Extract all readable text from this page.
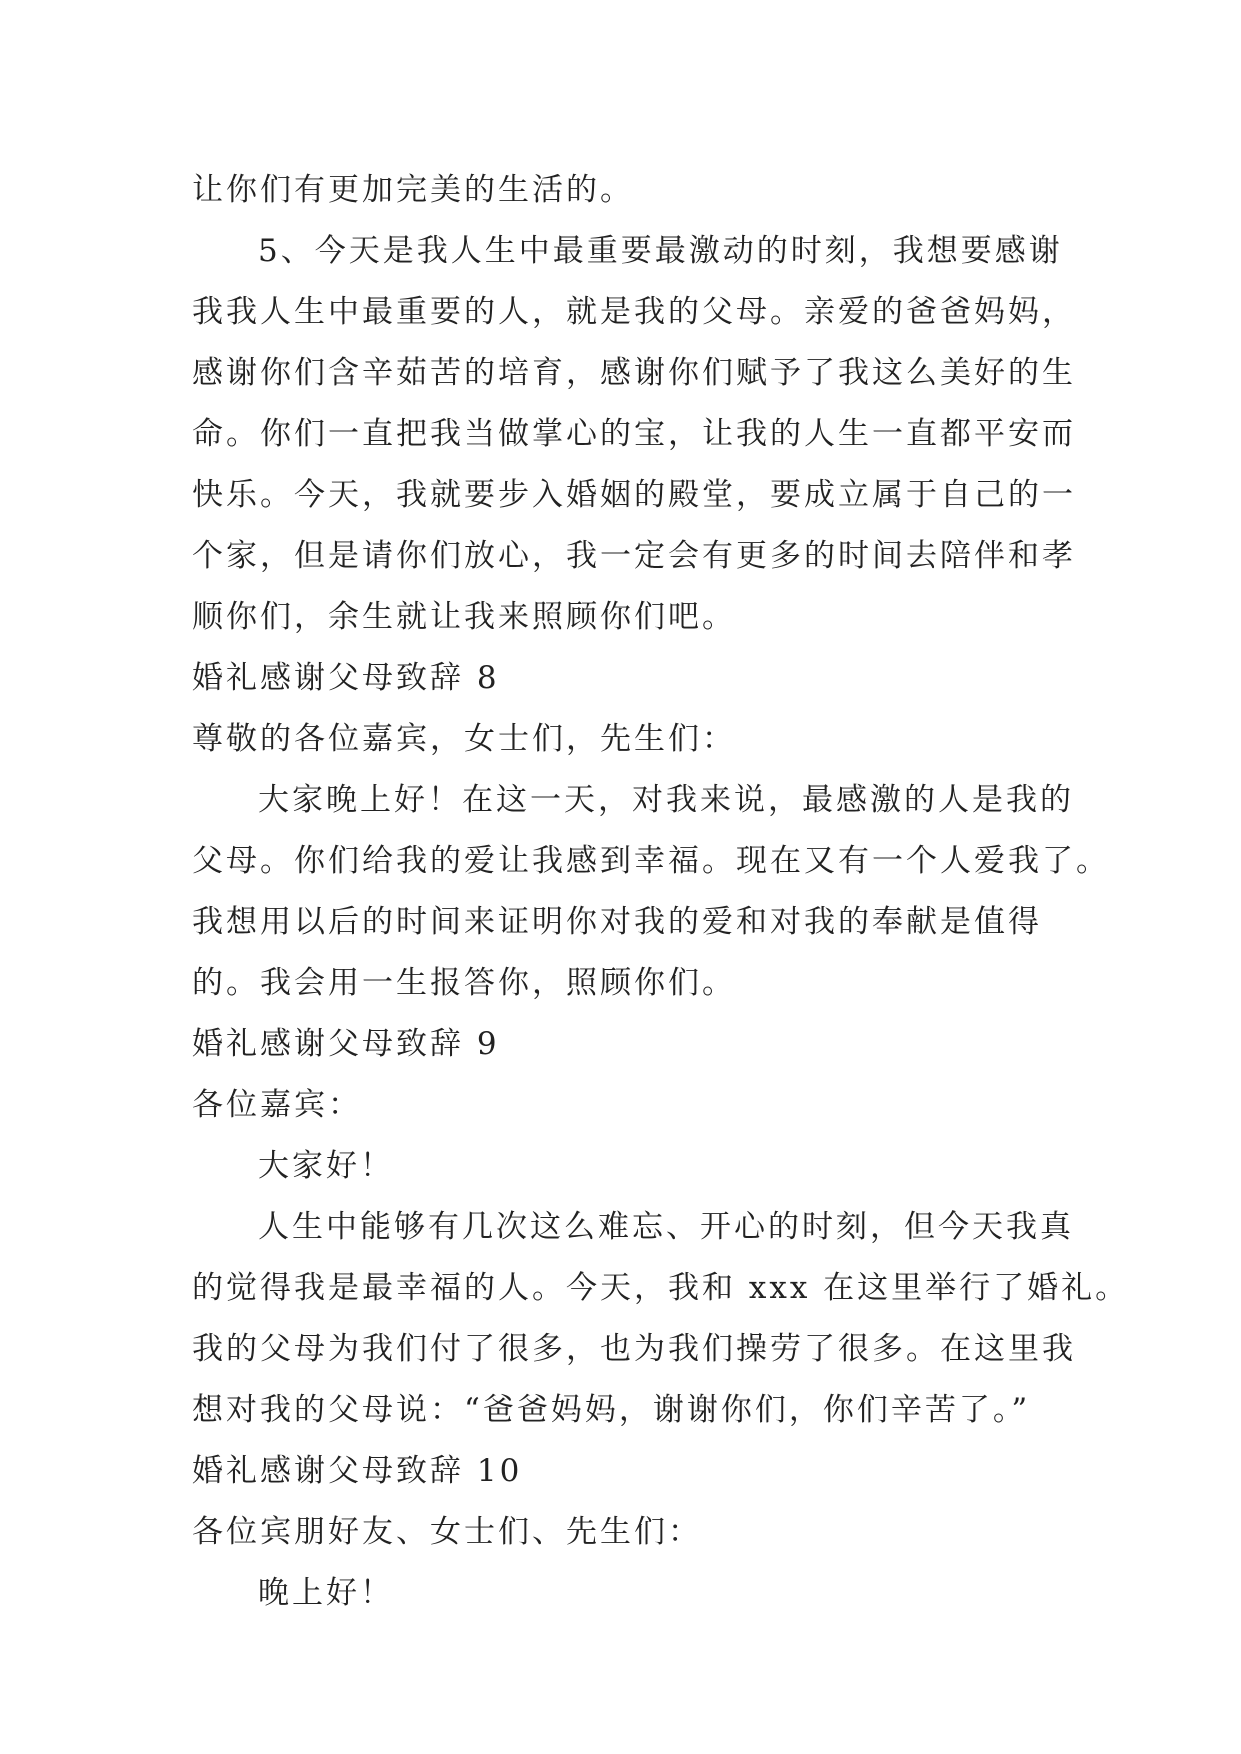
让你们有更加完美的生活的。
5、今天是我人生中最重要最激动的时刻，我想要感谢
我我人生中最重要的人，就是我的父母。亲爱的爸爸妈妈，
感谢你们含辛茹苦的培育，感谢你们赋予了我这么美好的生
命。你们一直把我当做掌心的宝，让我的人生一直都平安而
快乐。今天，我就要步入婚姻的殿堂，要成立属于自己的一
个家，但是请你们放心，我一定会有更多的时间去陪伴和孝
顺你们，余生就让我来照顾你们吧。
婚礼感谢父母致辞 8
尊敬的各位嘉宾，女士们，先生们：
大家晚上好！在这一天，对我来说，最感激的人是我的
父母。你们给我的爱让我感到幸福。现在又有一个人爱我了。
我想用以后的时间来证明你对我的爱和对我的奉献是值得
的。我会用一生报答你，照顾你们。
婚礼感谢父母致辞 9
各位嘉宾：
大家好！
人生中能够有几次这么难忘、开心的时刻，但今天我真
的觉得我是最幸福的人。今天，我和 xxx 在这里举行了婚礼。
我的父母为我们付了很多，也为我们操劳了很多。在这里我
想对我的父母说：“爸爸妈妈，谢谢你们，你们辛苦了。”
婚礼感谢父母致辞 10
各位宾朋好友、女士们、先生们：
晚上好！
